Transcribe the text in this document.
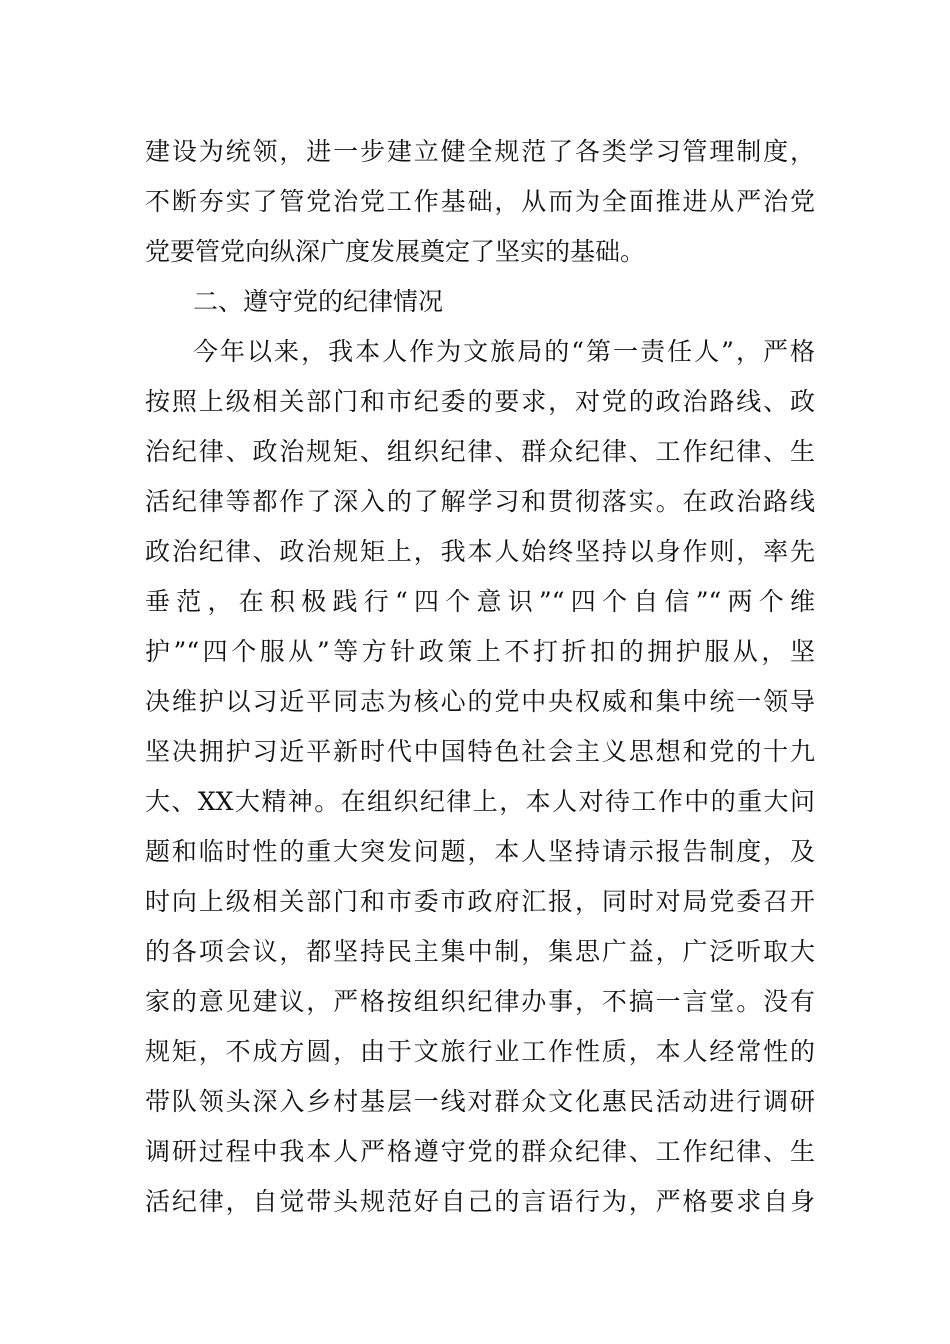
建设为统领，进一步建立健全规范了各类学习管理制度，
不断夯实了管党治党工作基础，从而为全面推进从严治党
党要管党向纵深广度发展奠定了坚实的基础。
二、遵守党的纪律情况
今年以来，我本人作为文旅局的“第一责任人”，严格
按照上级相关部门和市纪委的要求，对党的政治路线、政
治纪律、政治规矩、组织纪律、群众纪律、工作纪律、生
活纪律等都作了深入的了解学习和贯彻落实。在政治路线
政治纪律、政治规矩上，我本人始终坚持以身作则，率先
垂范，在积极践行“四个意识”“四个自信”“两个维
护”“四个服从”等方针政策上不打折扣的拥护服从，坚
决维护以习近平同志为核心的党中央权威和集中统一领导
坚决拥护习近平新时代中国特色社会主义思想和党的十九
大、XX大精神。在组织纪律上，本人对待工作中的重大问
题和临时性的重大突发问题，本人坚持请示报告制度，及
时向上级相关部门和市委市政府汇报，同时对局党委召开
的各项会议，都坚持民主集中制，集思广益，广泛听取大
家的意见建议，严格按组织纪律办事，不搞一言堂。没有
规矩，不成方圆，由于文旅行业工作性质，本人经常性的
带队领头深入乡村基层一线对群众文化惠民活动进行调研
调研过程中我本人严格遵守党的群众纪律、工作纪律、生
活纪律，自觉带头规范好自己的言语行为，严格要求自身
